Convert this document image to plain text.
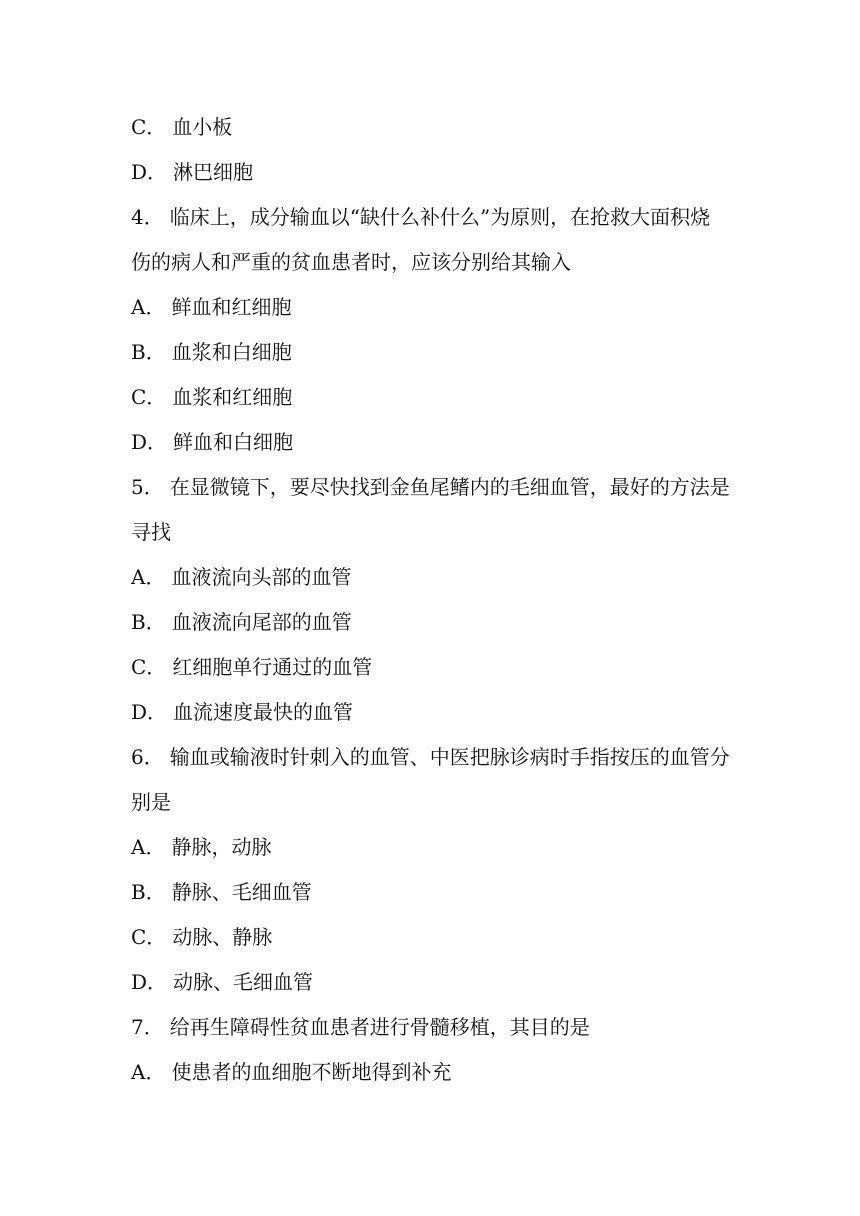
C． 血小板
D． 淋巴细胞
4． 临床上，成分输血以“缺什么补什么”为原则，在抢救大面积烧
伤的病人和严重的贫血患者时，应该分别给其输入
A． 鲜血和红细胞
B． 血浆和白细胞
C． 血浆和红细胞
D． 鲜血和白细胞
5． 在显微镜下，要尽快找到金鱼尾鳍内的毛细血管，最好的方法是
寻找
A． 血液流向头部的血管
B． 血液流向尾部的血管
C． 红细胞单行通过的血管
D． 血流速度最快的血管
6． 输血或输液时针刺入的血管、中医把脉诊病时手指按压的血管分
别是
A． 静脉，动脉
B． 静脉、毛细血管
C． 动脉、静脉
D． 动脉、毛细血管
7． 给再生障碍性贫血患者进行骨髓移植，其目的是
A． 使患者的血细胞不断地得到补充
